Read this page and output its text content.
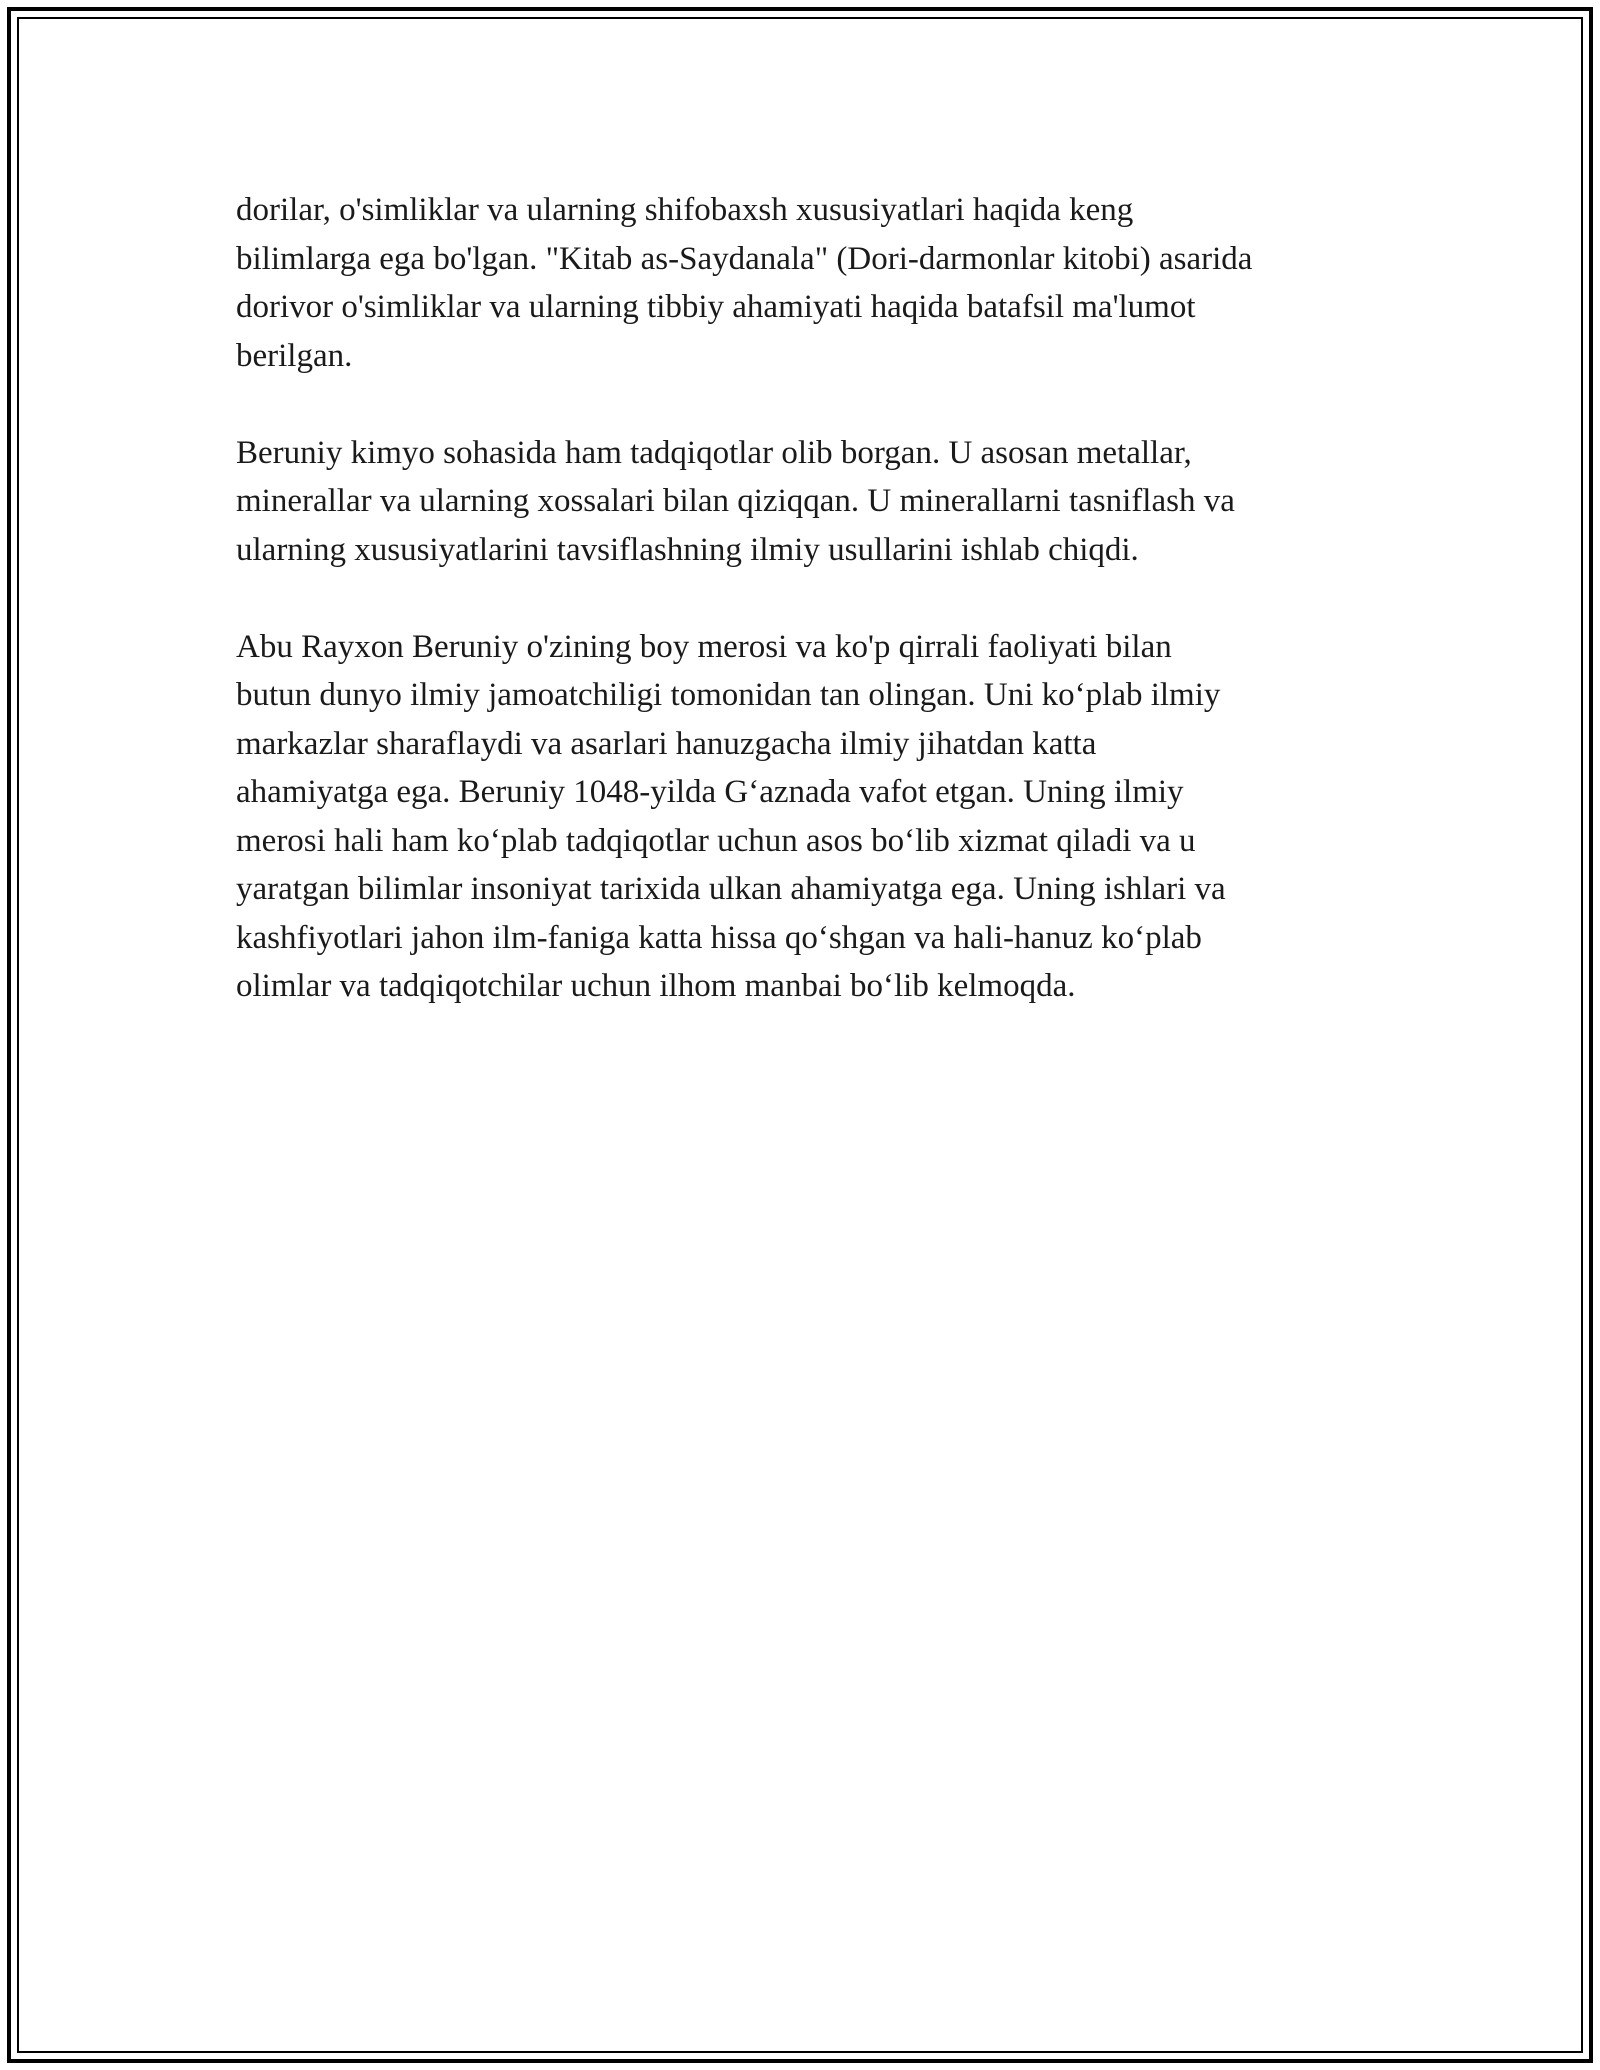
dorilar, o'simliklar va ularning shifobaxsh xususiyatlari haqida keng
bilimlarga ega bo'lgan. "Kitab as-Saydanala" (Dori-darmonlar kitobi) asarida
dorivor o'simliklar va ularning tibbiy ahamiyati haqida batafsil ma'lumot
berilgan.

Beruniy kimyo sohasida ham tadqiqotlar olib borgan. U asosan metallar,
minerallar va ularning xossalari bilan qiziqqan. U minerallarni tasniflash va
ularning xususiyatlarini tavsiflashning ilmiy usullarini ishlab chiqdi.

Abu Rayxon Beruniy o'zining boy merosi va ko'p qirrali faoliyati bilan
butun dunyo ilmiy jamoatchiligi tomonidan tan olingan. Uni ko‘plab ilmiy
markazlar sharaflaydi va asarlari hanuzgacha ilmiy jihatdan katta
ahamiyatga ega. Beruniy 1048-yilda G‘aznada vafot etgan. Uning ilmiy
merosi hali ham ko‘plab tadqiqotlar uchun asos bo‘lib xizmat qiladi va u
yaratgan bilimlar insoniyat tarixida ulkan ahamiyatga ega. Uning ishlari va
kashfiyotlari jahon ilm-faniga katta hissa qo‘shgan va hali-hanuz ko‘plab
olimlar va tadqiqotchilar uchun ilhom manbai bo‘lib kelmoqda.
